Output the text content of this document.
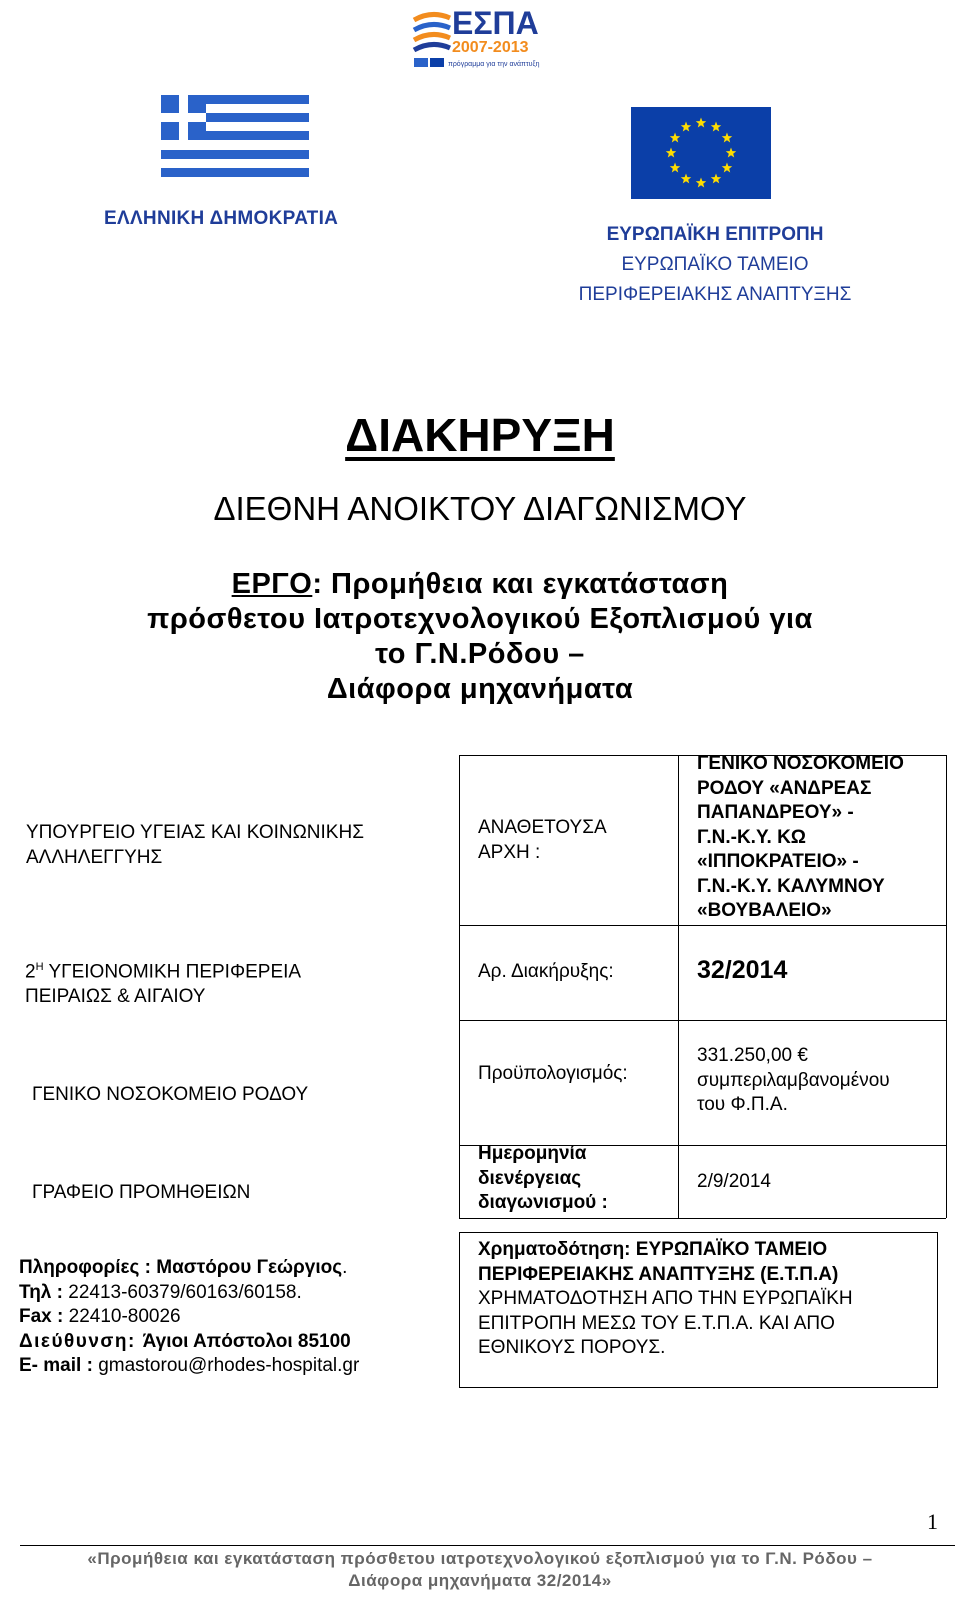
ΕΣΠΑ
2007-2013
πρόγραμμα για την ανάπτυξη
ΕΛΛΗΝΙΚΗ ΔΗΜΟΚΡΑΤΙΑ
ΕΥΡΩΠΑΪΚΗ ΕΠΙΤΡΟΠΗ
ΕΥΡΩΠΑΪΚΟ ΤΑΜΕΙΟ
ΠΕΡΙΦΕΡΕΙΑΚΗΣ ΑΝΑΠΤΥΞΗΣ
ΔΙΑΚΗΡΥΞΗ
ΔΙΕΘΝΗ ΑΝΟΙΚΤΟΥ ΔΙΑΓΩΝΙΣΜΟΥ
ΕΡΓΟ: Προμήθεια και εγκατάσταση
πρόσθετου Ιατροτεχνολογικού Εξοπλισμού για
το Γ.Ν.Ρόδου –
Διάφορα μηχανήματα
ΥΠΟΥΡΓΕΙΟ ΥΓΕΙΑΣ ΚΑΙ ΚΟΙΝΩΝΙΚΗΣ
ΑΛΛΗΛΕΓΓΥΗΣ
$2^H$ ΥΓΕΙΟΝΟΜΙΚΗ ΠΕΡΙΦΕΡΕΙΑ
ΠΕΙΡΑΙΩΣ & ΑΙΓΑΙΟΥ
ΓΕΝΙΚΟ ΝΟΣΟΚΟΜΕΙΟ ΡΟΔΟΥ
ΓΡΑΦΕΙΟ ΠΡΟΜΗΘΕΙΩΝ
Πληροφορίες : Μαστόρου Γεώργιος.
Τηλ : 22413-60379/60163/60158.
Fax : 22410-80026
Διεύθυνση: Άγιοι Απόστολοι 85100
E- mail : gmastorou@rhodes-hospital.gr
ΑΝΑΘΕΤΟΥΣΑ
ΑΡΧΗ :
ΓΕΝΙΚΟ ΝΟΣΟΚΟΜΕΙΟ
ΡΟΔΟΥ «ΑΝΔΡΕΑΣ
ΠΑΠΑΝΔΡΕΟΥ» -
Γ.Ν.-Κ.Υ. ΚΩ
«ΙΠΠΟΚΡΑΤΕΙΟ» -
Γ.Ν.-Κ.Υ. ΚΑΛΥΜΝΟΥ
«ΒΟΥΒΑΛΕΙΟ»
Αρ. Διακήρυξης:	32/2014
Προϋπολογισμός:
331.250,00 €
συμπεριλαμβανομένου
του Φ.Π.Α.
Ημερομηνία
διενέργειας
διαγωνισμού :
2/9/2014
Χρηματοδότηση: ΕΥΡΩΠΑΪΚΟ ΤΑΜΕΙΟ
ΠΕΡΙΦΕΡΕΙΑΚΗΣ ΑΝΑΠΤΥΞΗΣ (Ε.Τ.Π.Α)
ΧΡΗΜΑΤΟΔΟΤΗΣΗ ΑΠΟ ΤΗΝ ΕΥΡΩΠΑΪΚΗ
ΕΠΙΤΡΟΠΗ ΜΕΣΩ ΤΟΥ Ε.Τ.Π.Α. ΚΑΙ ΑΠΟ
ΕΘΝΙΚΟΥΣ ΠΟΡΟΥΣ.
1
«Προμήθεια και εγκατάσταση πρόσθετου ιατροτεχνολογικού εξοπλισμού για το Γ.Ν. Ρόδου –
Διάφορα μηχανήματα 32/2014»
